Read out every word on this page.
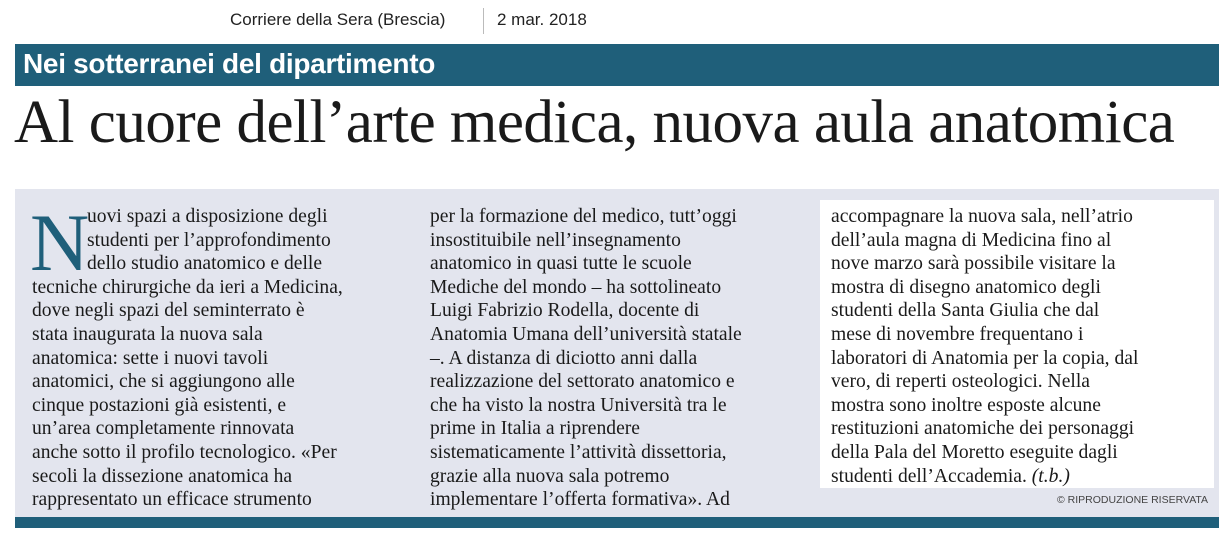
Corriere della Sera (Brescia)	2 mar. 2018
Nei sotterranei del dipartimento
Al cuore dell’arte medica, nuova aula anatomica
N
uovi spazi a disposizione degli
studenti per l’approfondimento
dello studio anatomico e delle
tecniche chirurgiche da ieri a Medicina,
dove negli spazi del seminterrato è
stata inaugurata la nuova sala
anatomica: sette i nuovi tavoli
anatomici, che si aggiungono alle
cinque postazioni già esistenti, e
un’area completamente rinnovata
anche sotto il profilo tecnologico. «Per
secoli la dissezione anatomica ha
rappresentato un efficace strumento
per la formazione del medico, tutt’oggi
insostituibile nell’insegnamento
anatomico in quasi tutte le scuole
Mediche del mondo – ha sottolineato
Luigi Fabrizio Rodella, docente di
Anatomia Umana dell’università statale
–. A distanza di diciotto anni dalla
realizzazione del settorato anatomico e
che ha visto la nostra Università tra le
prime in Italia a riprendere
sistematicamente l’attività dissettoria,
grazie alla nuova sala potremo
implementare l’offerta formativa». Ad
accompagnare la nuova sala, nell’atrio
dell’aula magna di Medicina fino al
nove marzo sarà possibile visitare la
mostra di disegno anatomico degli
studenti della Santa Giulia che dal
mese di novembre frequentano i
laboratori di Anatomia per la copia, dal
vero, di reperti osteologici. Nella
mostra sono inoltre esposte alcune
restituzioni anatomiche dei personaggi
della Pala del Moretto eseguite dagli
studenti dell’Accademia. (t.b.)
© RIPRODUZIONE RISERVATA
